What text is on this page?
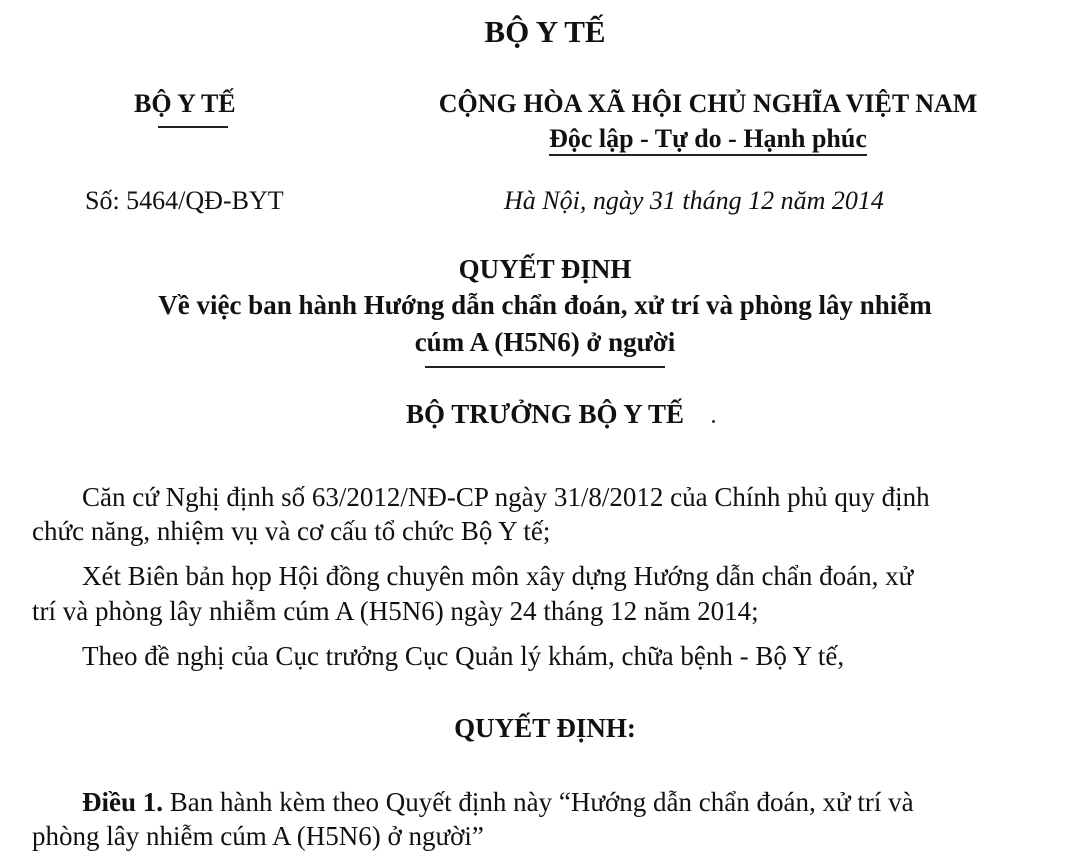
BỘ Y TẾ
BỘ Y TẾ	CỘNG HÒA XÃ HỘI CHỦ NGHĨA VIỆT NAM
Độc lập - Tự do - Hạnh phúc
Số: 5464/QĐ-BYT	Hà Nội, ngày 31 tháng 12 năm 2014
QUYẾT ĐỊNH
Về việc ban hành Hướng dẫn chẩn đoán, xử trí và phòng lây nhiễm
cúm A (H5N6) ở người
BỘ TRƯỞNG BỘ Y TẾ
Căn cứ Nghị định số 63/2012/NĐ-CP ngày 31/8/2012 của Chính phủ quy định
chức năng, nhiệm vụ và cơ cấu tổ chức Bộ Y tế;
Xét Biên bản họp Hội đồng chuyên môn xây dựng Hướng dẫn chẩn đoán, xử
trí và phòng lây nhiễm cúm A (H5N6) ngày 24 tháng 12 năm 2014;
Theo đề nghị của Cục trưởng Cục Quản lý khám, chữa bệnh - Bộ Y tế,
QUYẾT ĐỊNH:
Điều 1. Ban hành kèm theo Quyết định này “Hướng dẫn chẩn đoán, xử trí và
phòng lây nhiễm cúm A (H5N6) ở người”
